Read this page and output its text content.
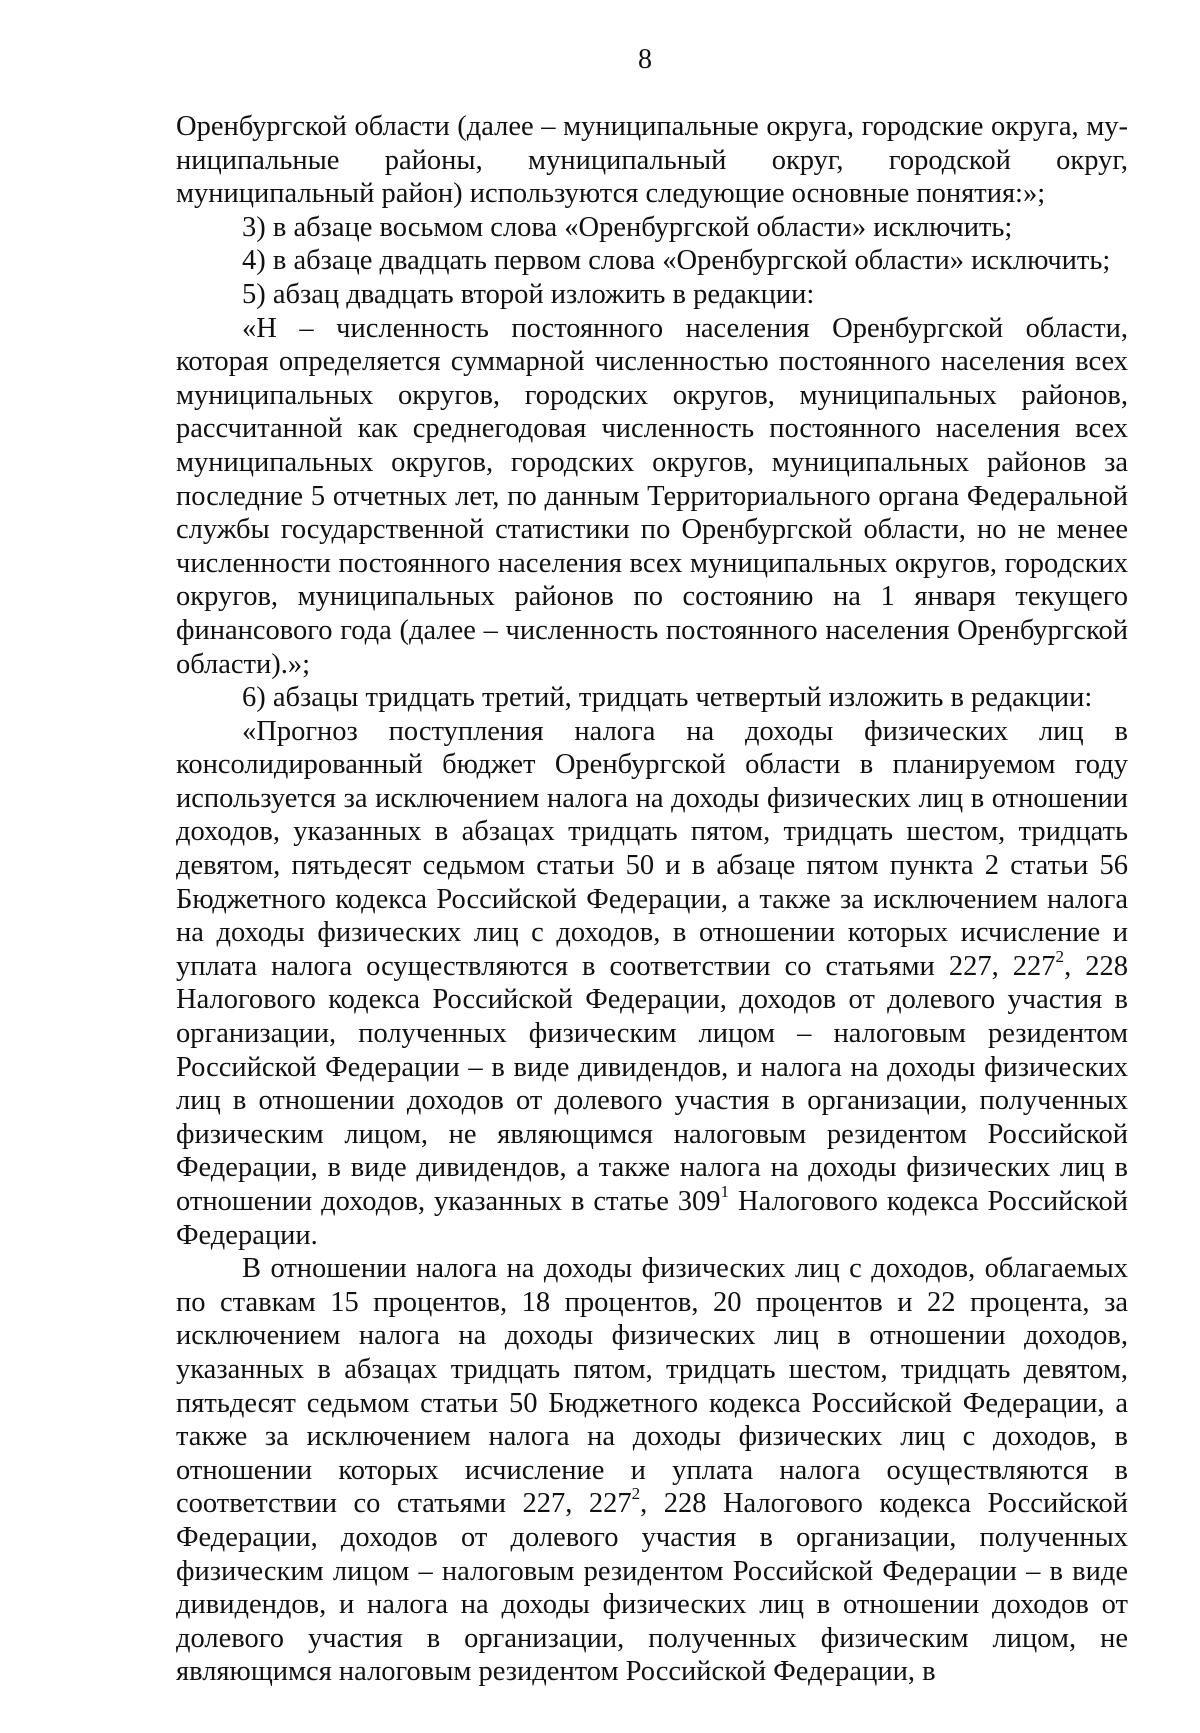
8

Оренбургской области (далее – муниципальные округа, городские округа, муниципальные районы, муниципальный округ, городской округ, муниципальный район) используются следующие основные понятия:»;

3) в абзаце восьмом слова «Оренбургской области» исключить;

4) в абзаце двадцать первом слова «Оренбургской области» исключить;

5) абзац двадцать второй изложить в редакции:

«Н – численность постоянного населения Оренбургской области, которая определяется суммарной численностью постоянного населения всех муниципальных округов, городских округов, муниципальных районов, рассчитанной как среднегодовая численность постоянного населения всех муниципальных округов, городских округов, муниципальных районов за последние 5 отчетных лет, по данным Территориального органа Федеральной службы государственной статистики по Оренбургской области, но не менее численности постоянного населения всех муниципальных округов, городских округов, муниципальных районов по состоянию на 1 января текущего финансового года (далее – численность постоянного населения Оренбургской области).»;

6) абзацы тридцать третий, тридцать четвертый изложить в редакции:

«Прогноз поступления налога на доходы физических лиц в консолидированный бюджет Оренбургской области в планируемом году используется за исключением налога на доходы физических лиц в отношении доходов, указанных в абзацах тридцать пятом, тридцать шестом, тридцать девятом, пятьдесят седьмом статьи 50 и в абзаце пятом пункта 2 статьи 56 Бюджетного кодекса Российской Федерации, а также за исключением налога на доходы физических лиц с доходов, в отношении которых исчисление и уплата налога осуществляются в соответствии со статьями 227, $227^2$, 228 Налогового кодекса Российской Федерации, доходов от долевого участия в организации, полученных физическим лицом – налоговым резидентом Российской Федерации – в виде дивидендов, и налога на доходы физических лиц в отношении доходов от долевого участия в организации, полученных физическим лицом, не являющимся налоговым резидентом Российской Федерации, в виде дивидендов, а также налога на доходы физических лиц в отношении доходов, указанных в статье $309^1$ Налогового кодекса Российской Федерации.

В отношении налога на доходы физических лиц с доходов, облагаемых по ставкам 15 процентов, 18 процентов, 20 процентов и 22 процента, за исключением налога на доходы физических лиц в отношении доходов, указанных в абзацах тридцать пятом, тридцать шестом, тридцать девятом, пятьдесят седьмом статьи 50 Бюджетного кодекса Российской Федерации, а также за исключением налога на доходы физических лиц с доходов, в отношении которых исчисление и уплата налога осуществляются в соответствии со статьями 227, $227^2$, 228 Налогового кодекса Российской Федерации, доходов от долевого участия в организации, полученных физическим лицом – налоговым резидентом Российской Федерации – в виде дивидендов, и налога на доходы физических лиц в отношении доходов от долевого участия в организации, полученных физическим лицом, не являющимся налоговым резидентом Российской Федерации, в
